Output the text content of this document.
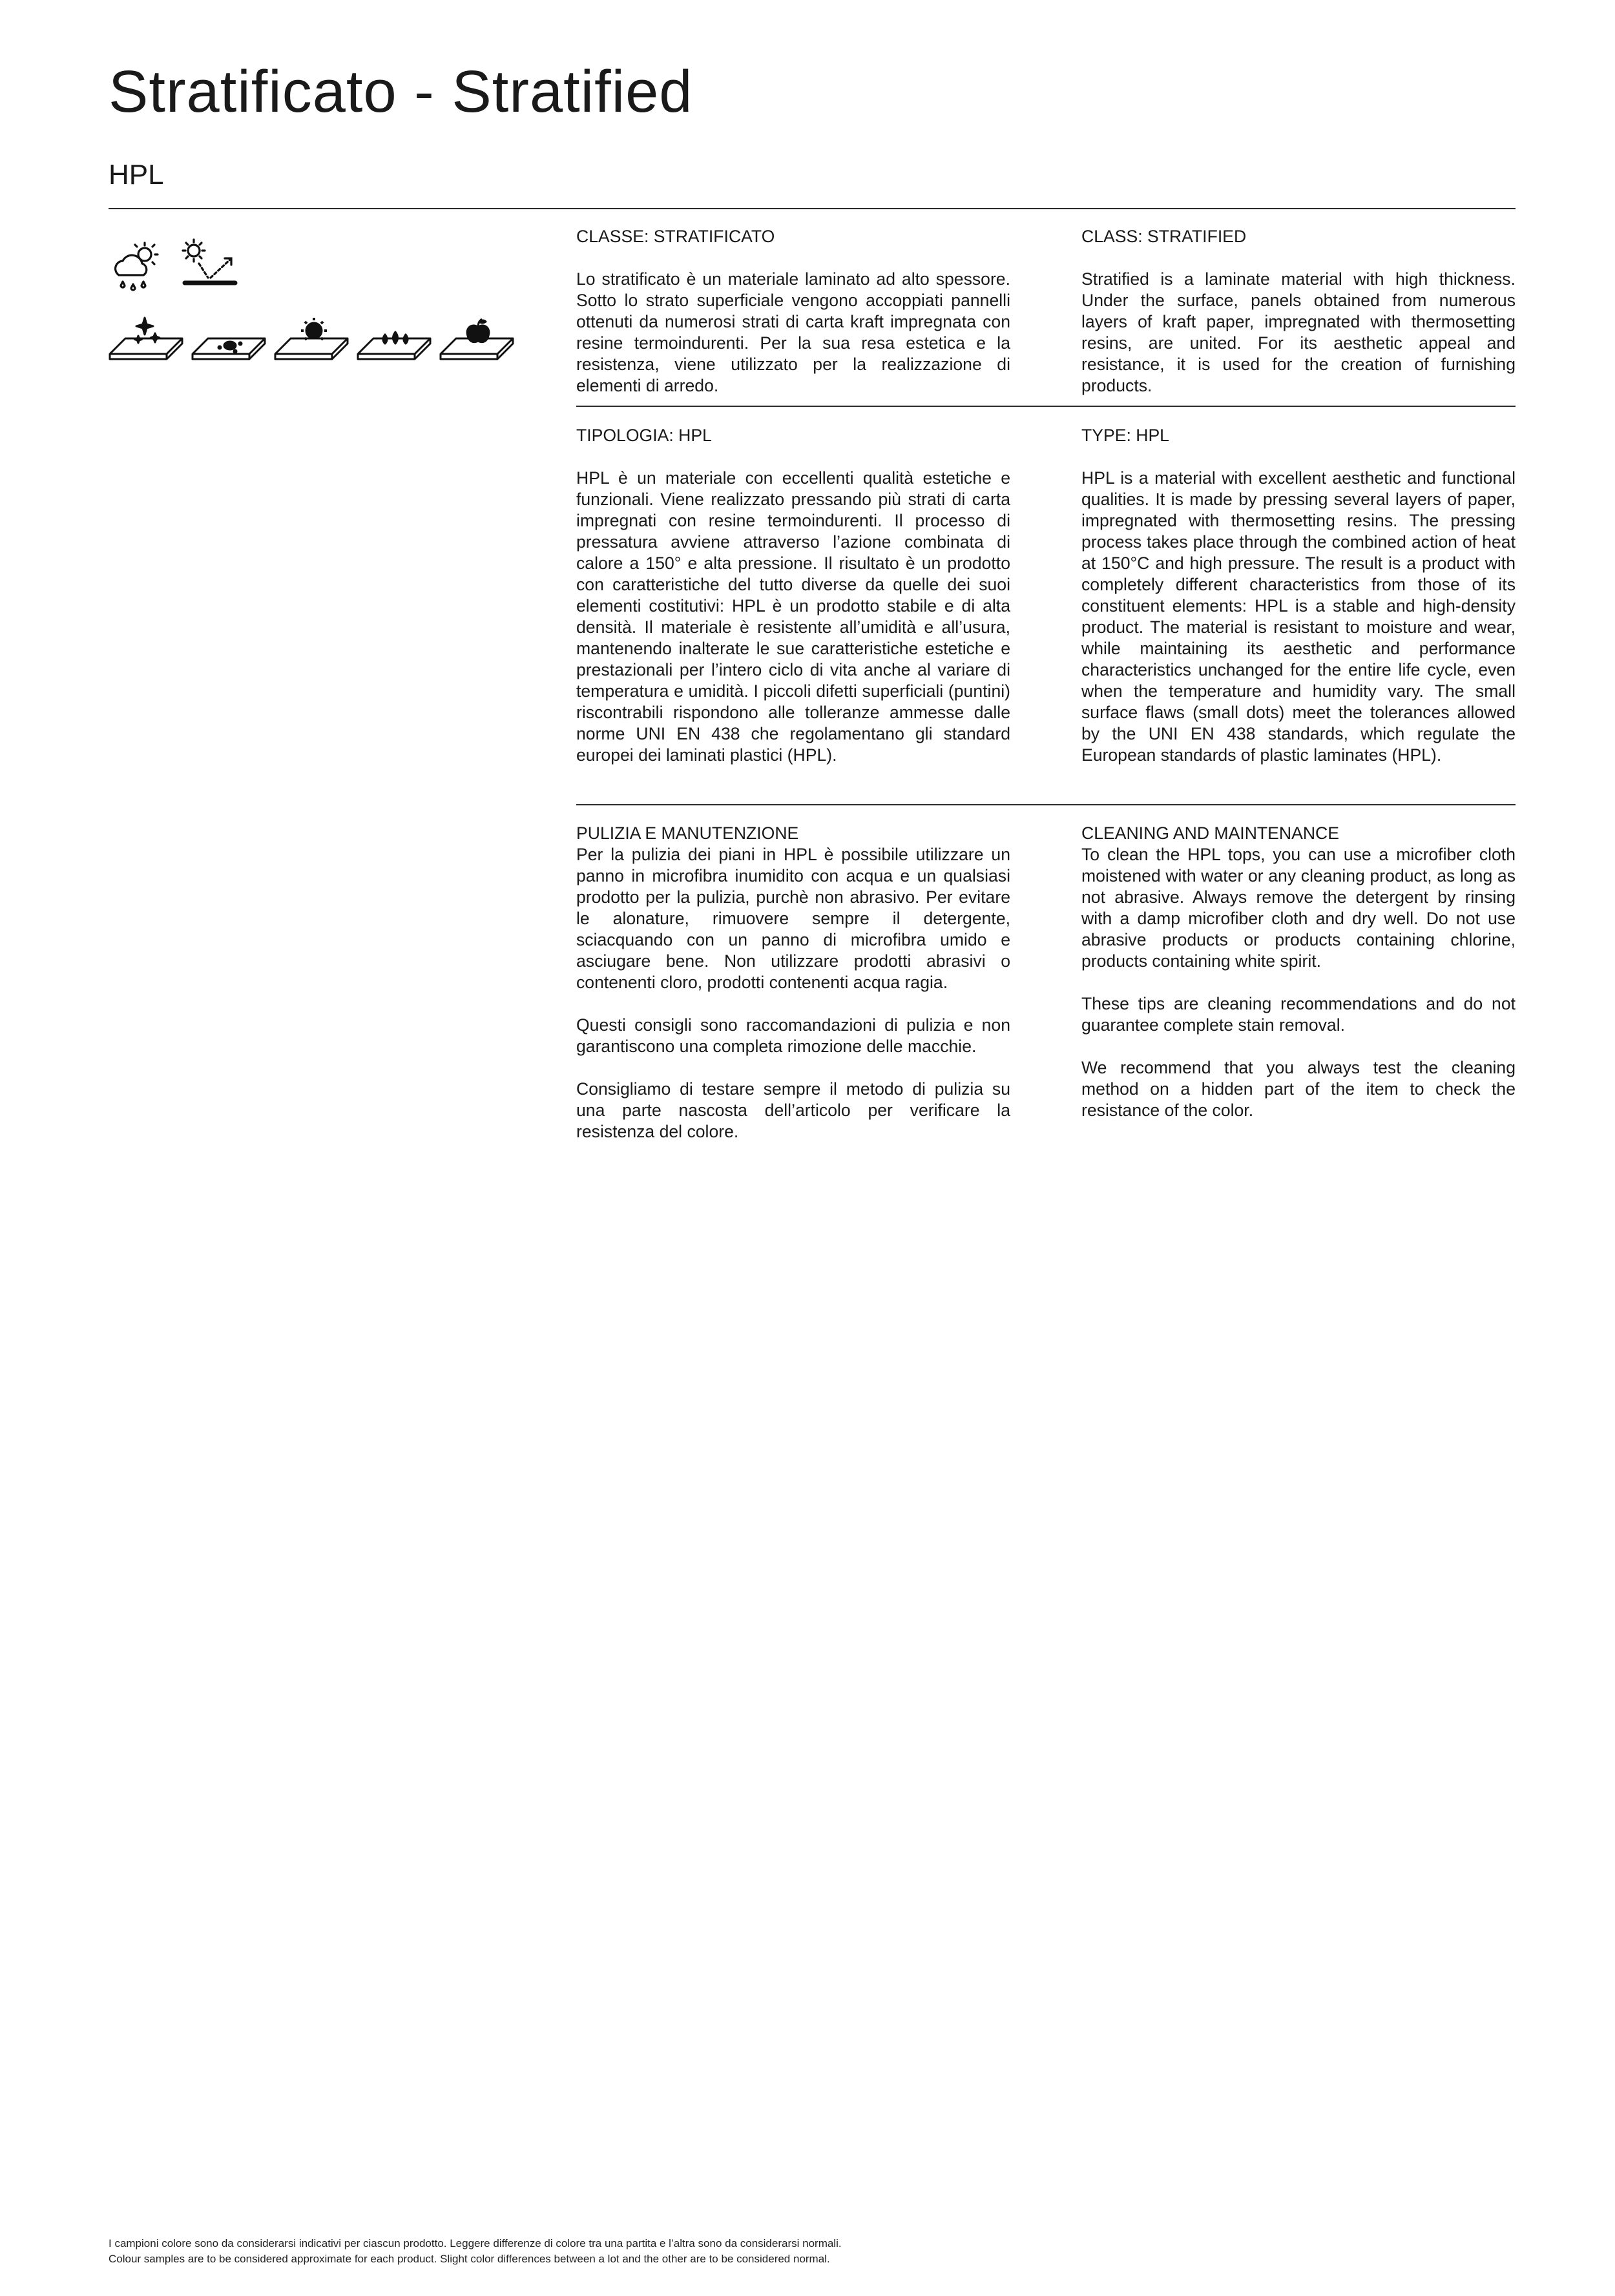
Stratificato - Stratified
HPL
CLASSE: STRATIFICATO

Lo stratificato è un materiale laminato ad alto spessore. Sotto lo strato superficiale vengono accoppiati pannelli ottenuti da numerosi strati di carta kraft impregnata con resine termoindurenti. Per la sua resa estetica e la resistenza, viene utilizzato per la realizzazione di elementi di arredo.

CLASS: STRATIFIED

Stratified is a laminate material with high thickness. Under the surface, panels obtained from numerous layers of kraft paper, impregnated with thermosetting resins, are united. For its aesthetic appeal and resistance, it is used for the creation of furnishing products.

TIPOLOGIA: HPL

HPL è un materiale con eccellenti qualità estetiche e funzionali. Viene realizzato pressando più strati di carta impregnati con resine termoindurenti. Il processo di pressatura avviene attraverso l’azione combinata di calore a 150° e alta pressione. Il risultato è un prodotto con caratteristiche del tutto diverse da quelle dei suoi elementi costitutivi: HPL è un prodotto stabile e di alta densità. Il materiale è resistente all’umidità e all’usura, mantenendo inalterate le sue caratteristiche estetiche e prestazionali per l’intero ciclo di vita anche al variare di temperatura e umidità. I piccoli difetti superficiali (puntini) riscontrabili rispondono alle tolleranze ammesse dalle norme UNI EN 438 che regolamentano gli standard europei dei laminati plastici (HPL).

TYPE: HPL

HPL is a material with excellent aesthetic and functional qualities. It is made by pressing several layers of paper, impregnated with thermosetting resins. The pressing process takes place through the combined action of heat at 150°C and high pressure. The result is a product with completely different characteristics from those of its constituent elements: HPL is a stable and high-density product. The material is resistant to moisture and wear, while maintaining its aesthetic and performance characteristics unchanged for the entire life cycle, even when the temperature and humidity vary. The small surface flaws (small dots) meet the tolerances allowed by the UNI EN 438 standards, which regulate the European standards of plastic laminates (HPL).

PULIZIA E MANUTENZIONE

Per la pulizia dei piani in HPL è possibile utilizzare un panno in microfibra inumidito con acqua e un qualsiasi prodotto per la pulizia, purchè non abrasivo. Per evitare le alonature, rimuovere sempre il detergente, sciacquando con un panno di microfibra umido e asciugare bene. Non utilizzare prodotti abrasivi o contenenti cloro, prodotti contenenti acqua ragia.

Questi consigli sono raccomandazioni di pulizia e non garantiscono una completa rimozione delle macchie.

Consigliamo di testare sempre il metodo di pulizia su una parte nascosta dell’articolo per verificare la resistenza del colore.

CLEANING AND MAINTENANCE

To clean the HPL tops, you can use a microfiber cloth moistened with water or any cleaning product, as long as not abrasive. Always remove the detergent by rinsing with a damp microfiber cloth and dry well. Do not use abrasive products or products containing chlorine, products containing white spirit.

These tips are cleaning recommendations and do not guarantee complete stain removal.

We recommend that you always test the cleaning method on a hidden part of the item to check the resistance of the color.

I campioni colore sono da considerarsi indicativi per ciascun prodotto. Leggere differenze di colore tra una partita e l’altra sono da considerarsi normali.
Colour samples are to be considered approximate for each product. Slight color differences between a lot and the other are to be considered normal.
